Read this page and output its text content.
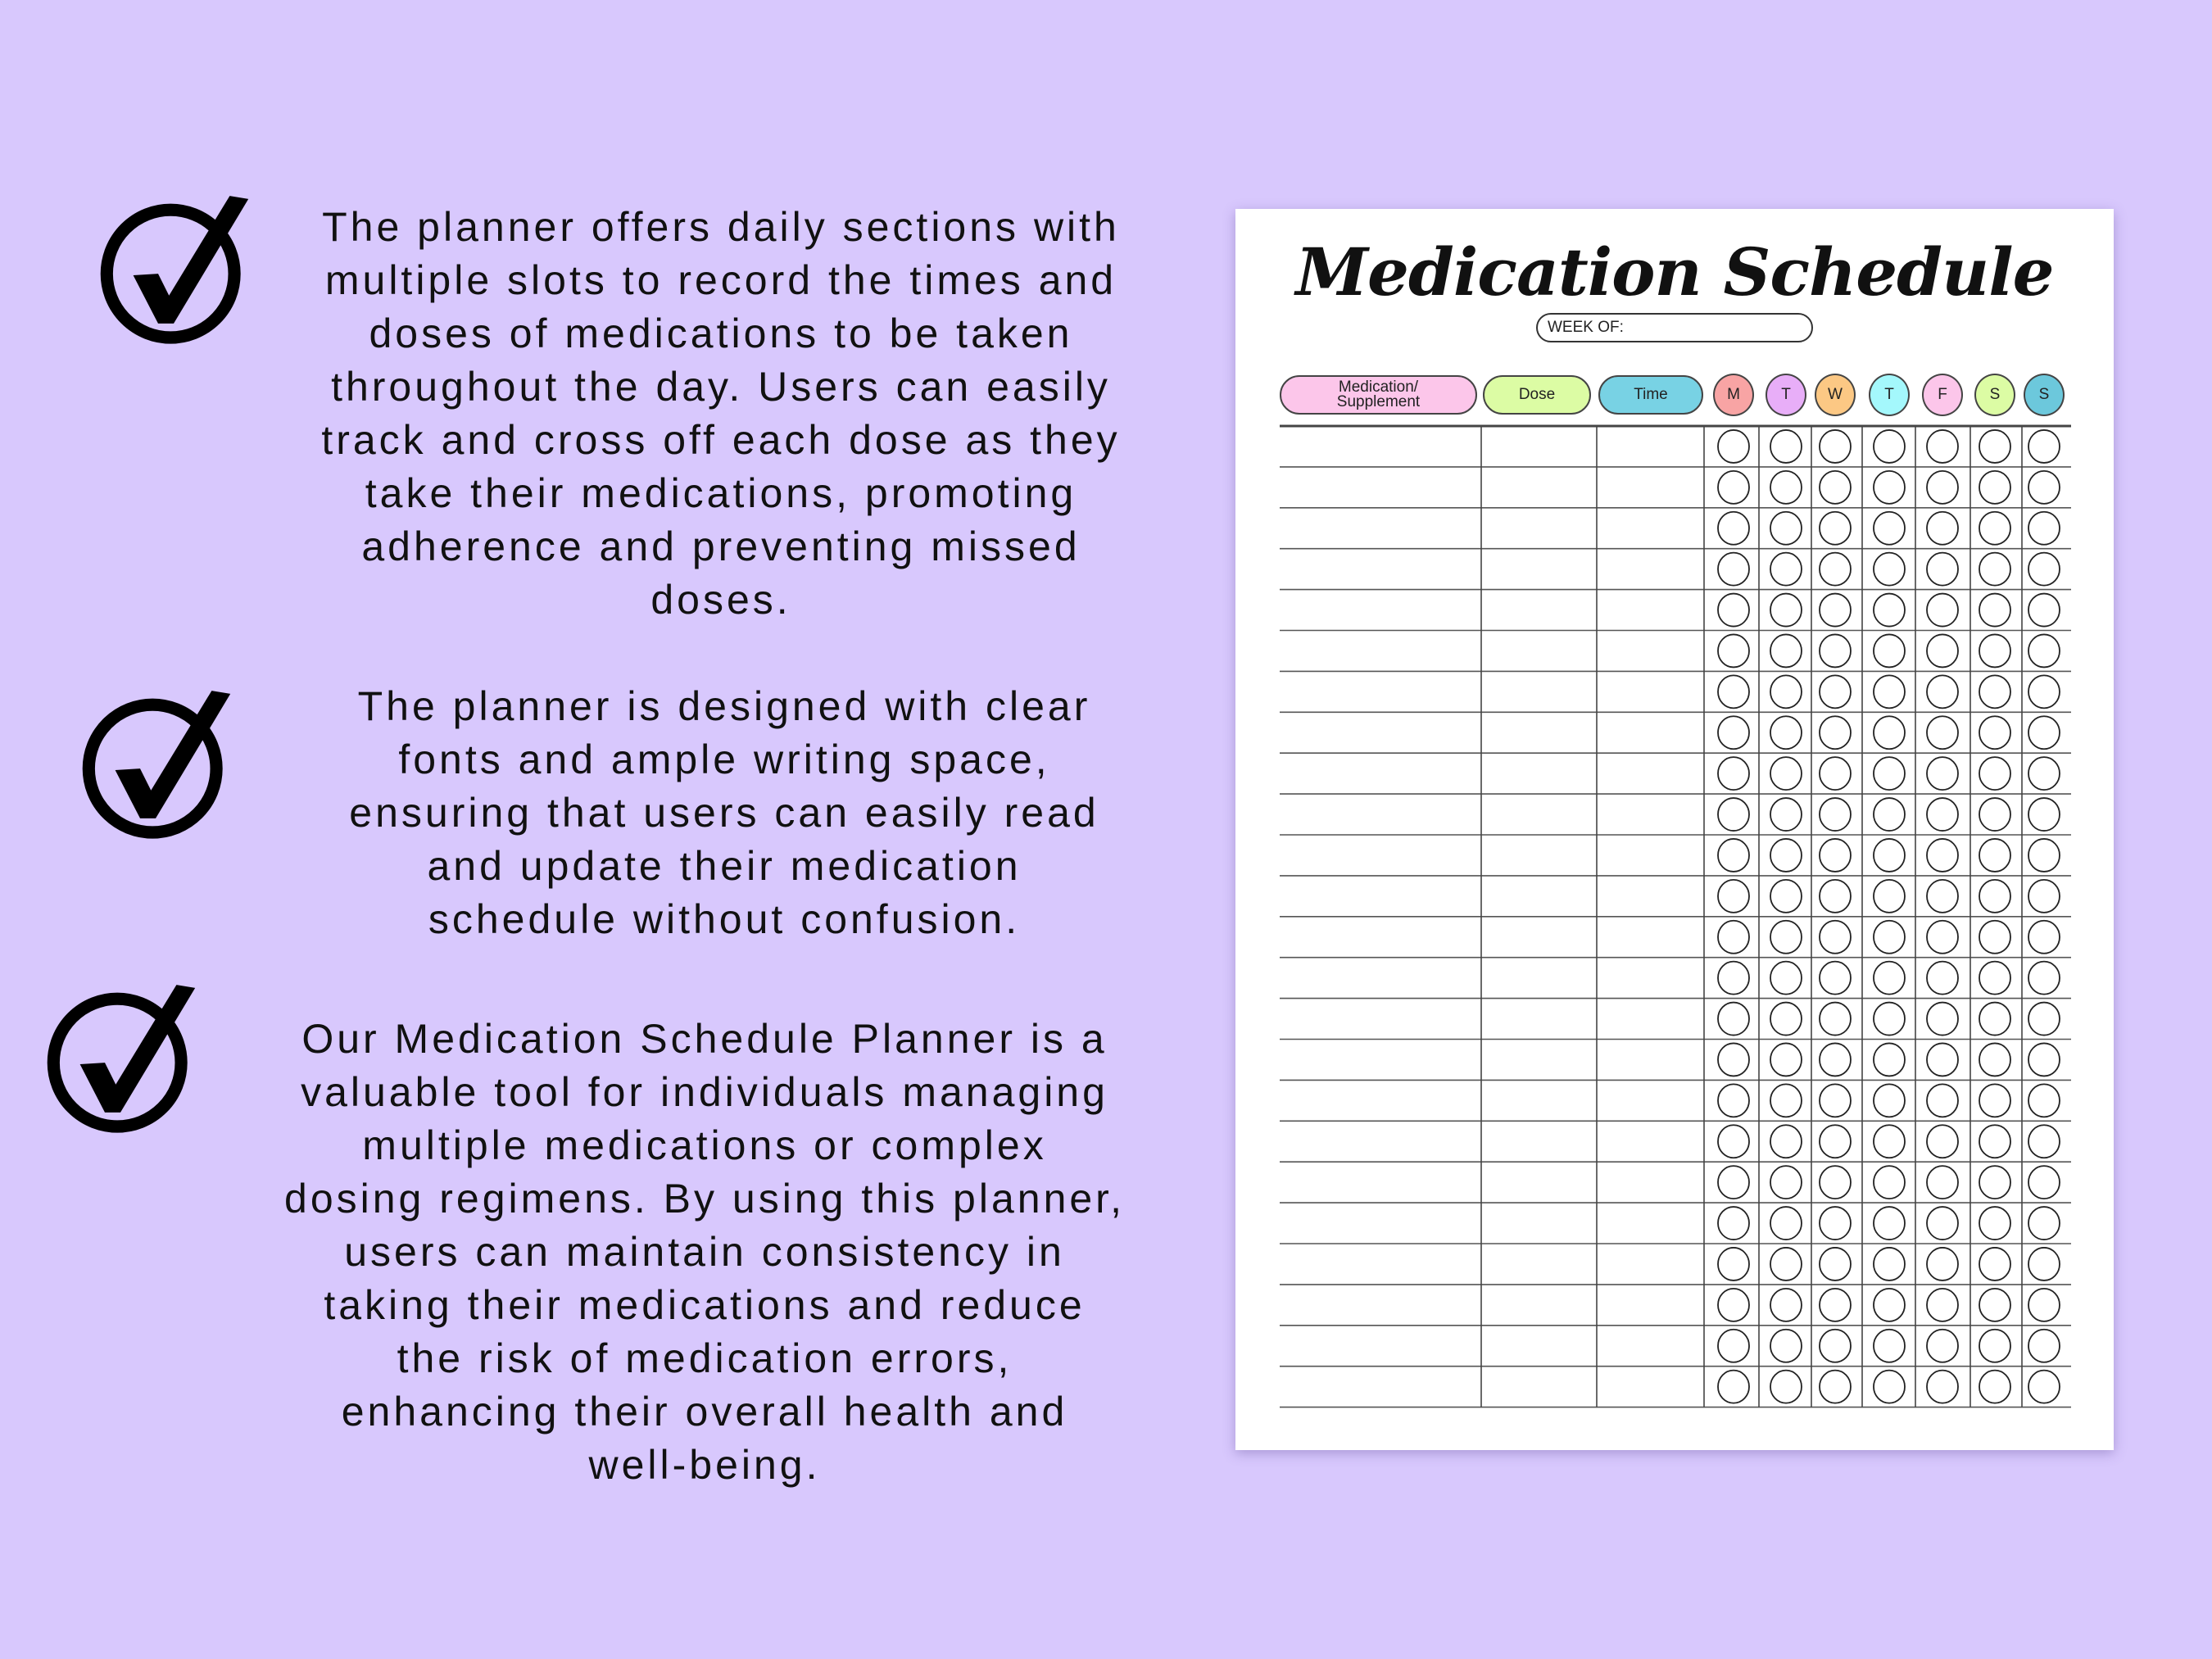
The planner offers daily sections with
multiple slots to record the times and
doses of medications to be taken
throughout the day. Users can easily
track and cross off each dose as they
take their medications, promoting
adherence and preventing missed
doses.
The planner is designed with clear
fonts and ample writing space,
ensuring that users can easily read
and update their medication
schedule without confusion.
Our Medication Schedule Planner is a
valuable tool for individuals managing
multiple medications or complex
dosing regimens. By using this planner,
users can maintain consistency in
taking their medications and reduce
the risk of medication errors,
enhancing their overall health and
well-being.
Medication Schedule
WEEK OF:
Medication/
Supplement	Dose	Time	M	T	W	T	F	S	S
